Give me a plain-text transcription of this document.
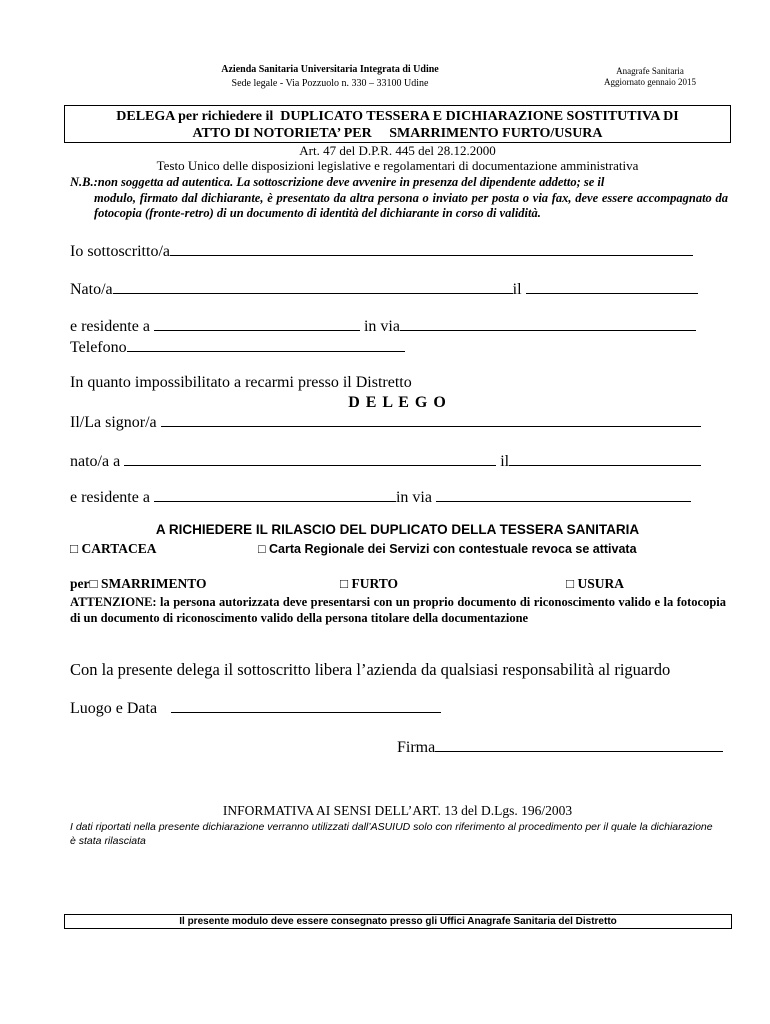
Azienda Sanitaria Universitaria Integrata di Udine
Sede legale - Via Pozzuolo n. 330 – 33100 Udine
Anagrafe Sanitaria
Aggiornato gennaio 2015
DELEGA per richiedere il  DUPLICATO TESSERA E DICHIARAZIONE SOSTITUTIVA DI
ATTO DI NOTORIETA’ PER     SMARRIMENTO FURTO/USURA
Art. 47 del D.P.R. 445 del 28.12.2000
Testo Unico delle disposizioni legislative e regolamentari di documentazione amministrativa
N.B.:non soggetta ad autentica. La sottoscrizione deve avvenire in presenza del dipendente addetto; se il
modulo, firmato dal dichiarante, è presentato da altra persona o inviato per posta o via fax, deve essere accompagnato da fotocopia (fronte-retro) di un documento di identità del dichiarante in corso di validità.
Io sottoscritto/a
Nato/a	il
e residente a	in via
Telefono
In quanto impossibilitato a recarmi presso il Distretto
D E L E G O
Il/La signor/a
nato/a a	il
e residente a	in via
A RICHIEDERE IL RILASCIO DEL DUPLICATO DELLA TESSERA SANITARIA
□ CARTACEA	□ Carta Regionale dei Servizi con contestuale revoca se attivata
per□ SMARRIMENTO	□ FURTO	□ USURA
ATTENZIONE: la persona autorizzata deve presentarsi con un proprio documento di riconoscimento valido e la fotocopia di un documento di riconoscimento valido della persona titolare della documentazione
Con la presente delega il sottoscritto libera l’azienda da qualsiasi responsabilità al riguardo
Luogo e Data
Firma
INFORMATIVA AI SENSI DELL’ART. 13 del D.Lgs. 196/2003
I dati riportati nella presente dichiarazione verranno utilizzati dall’ASUIUD solo con riferimento al procedimento per il quale la dichiarazione è stata rilasciata
Il presente modulo deve essere consegnato presso gli Uffici Anagrafe Sanitaria del Distretto
